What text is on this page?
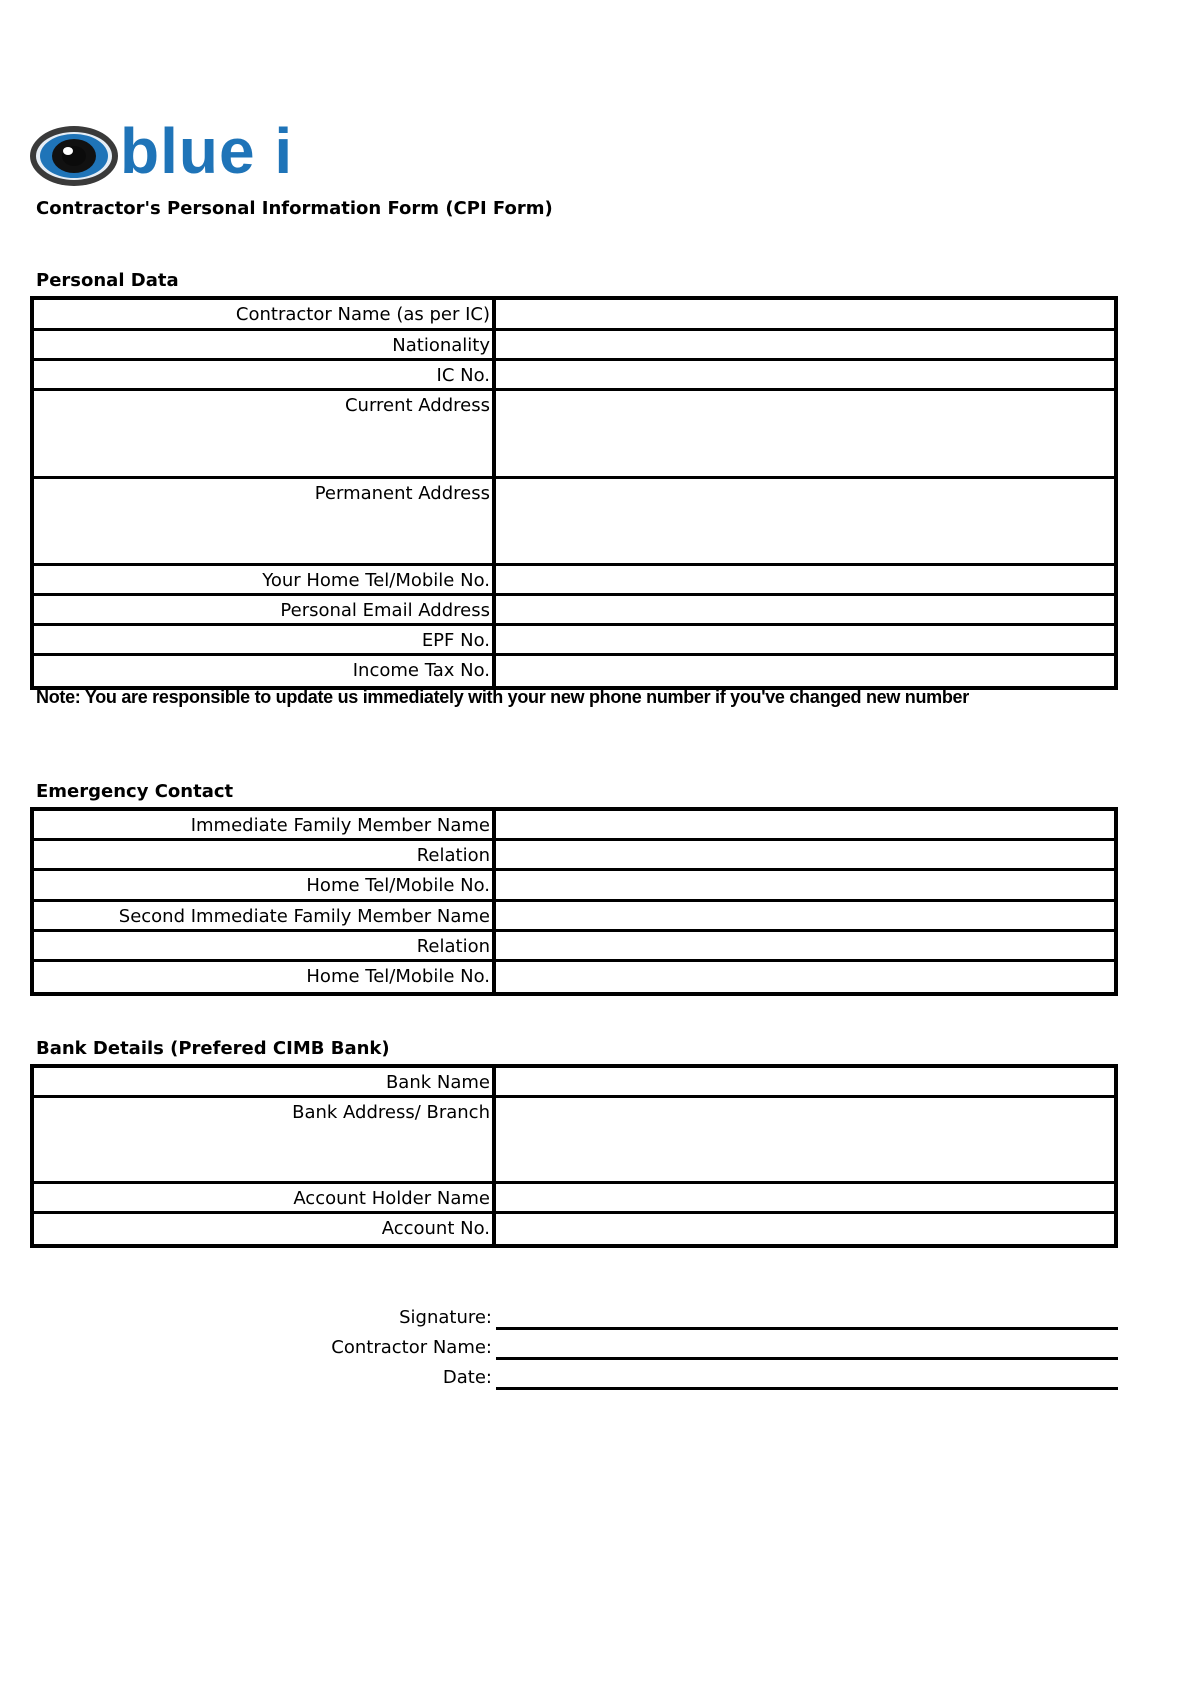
blue i
Contractor's Personal Information Form (CPI Form)
Personal Data
Contractor Name (as per IC)
Nationality
IC No.
Current Address
Permanent Address
Your Home Tel/Mobile No.
Personal Email Address
EPF No.
Income Tax No.
Note: You are responsible to update us immediately with your new phone number if you've changed new number
Emergency Contact
Immediate Family Member Name
Relation
Home Tel/Mobile No.
Second Immediate Family Member Name
Relation
Home Tel/Mobile No.
Bank Details (Prefered CIMB Bank)
Bank Name
Bank Address/ Branch
Account Holder Name
Account No.
Signature:
Contractor Name:
Date:
